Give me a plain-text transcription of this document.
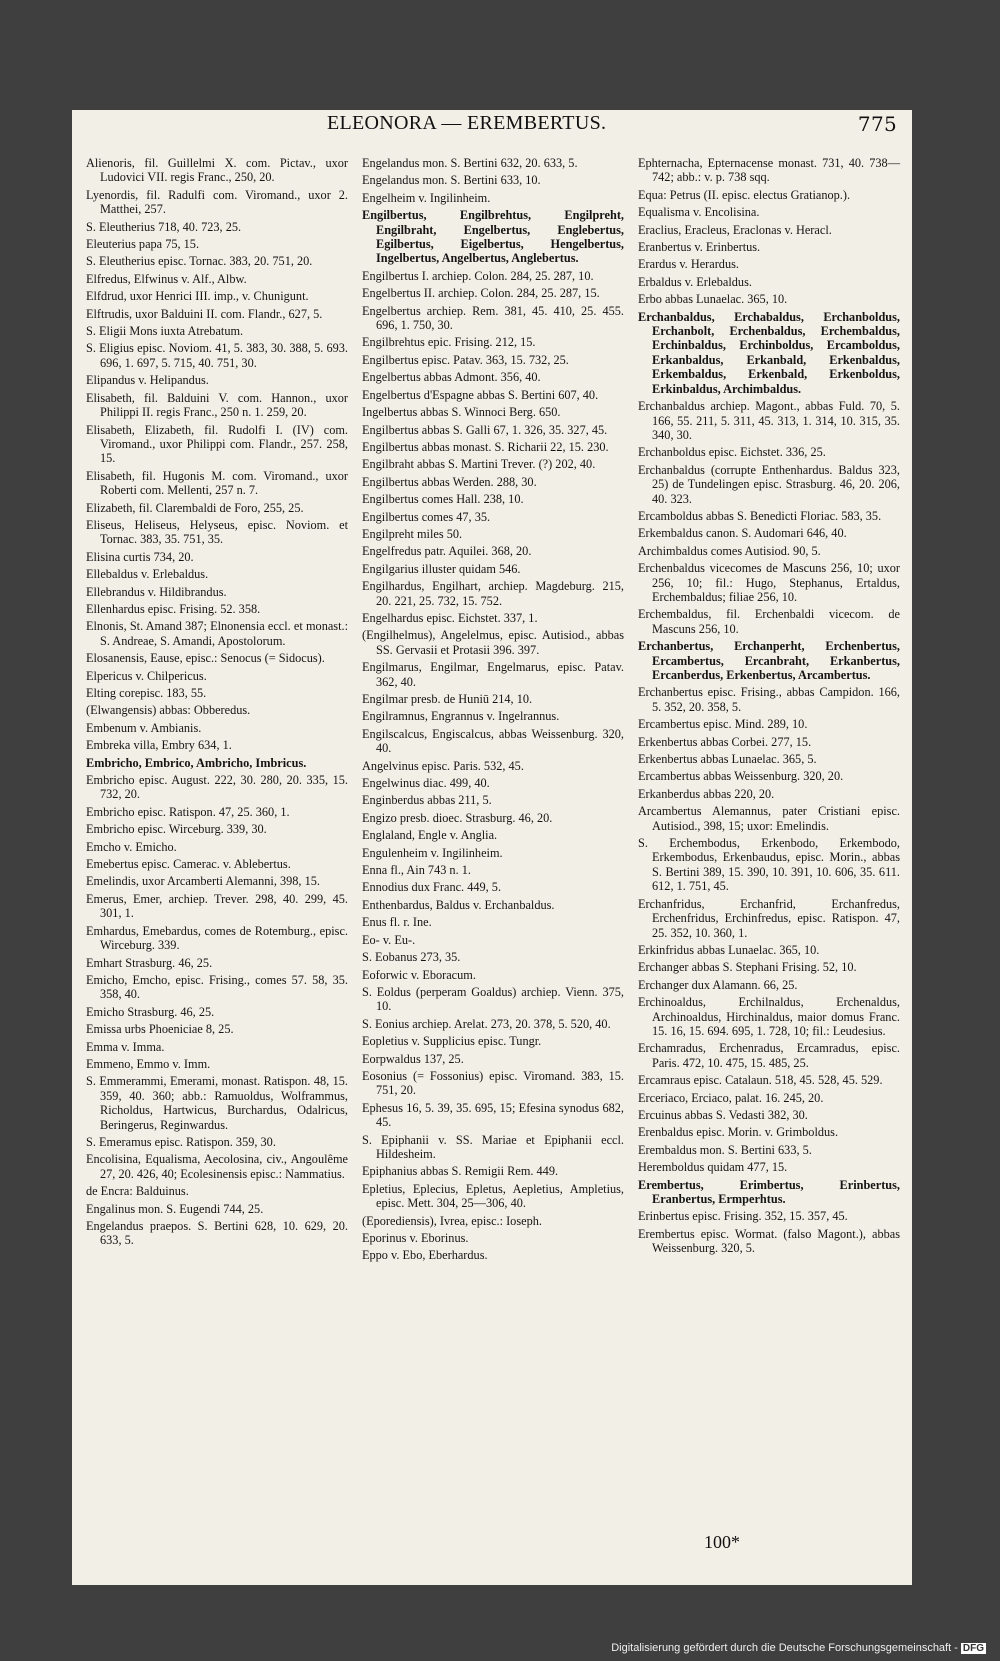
ELEONORA — EREMBERTUS.	775
Alienoris, fil. Guillelmi X. com. Pictav., uxor Ludovici VII. regis Franc., 250, 20.
Lyenordis, fil. Radulfi com. Viromand., uxor 2. Matthei, 257.
S. Eleutherius 718, 40. 723, 25.
Eleuterius papa 75, 15.
S. Eleutherius episc. Tornac. 383, 20. 751, 20.
Elfredus, Elfwinus v. Alf., Albw.
Elfdrud, uxor Henrici III. imp., v. Chunigunt.
Elftrudis, uxor Balduini II. com. Flandr., 627, 5.
S. Eligii Mons iuxta Atrebatum.
S. Eligius episc. Noviom. 41, 5. 383, 30. 388, 5. 693. 696, 1. 697, 5. 715, 40. 751, 30.
Elipandus v. Helipandus.
Elisabeth, fil. Balduini V. com. Hannon., uxor Philippi II. regis Franc., 250 n. 1. 259, 20.
Elisabeth, Elizabeth, fil. Rudolfi I. (IV) com. Viromand., uxor Philippi com. Flandr., 257. 258, 15.
Elisabeth, fil. Hugonis M. com. Viromand., uxor Roberti com. Mellenti, 257 n. 7.
Elizabeth, fil. Clarembaldi de Foro, 255, 25.
Eliseus, Heliseus, Helyseus, episc. Noviom. et Tornac. 383, 35. 751, 35.
Elisina curtis 734, 20.
Ellebaldus v. Erlebaldus.
Ellebrandus v. Hildibrandus.
Ellenhardus episc. Frising. 52. 358.
Elnonis, St. Amand 387; Elnonensia eccl. et monast.: S. Andreae, S. Amandi, Apostolorum.
Elosanensis, Eause, episc.: Senocus (= Sidocus).
Elpericus v. Chilpericus.
Elting corepisc. 183, 55.
(Elwangensis) abbas: Obberedus.
Embenum v. Ambianis.
Embreka villa, Embry 634, 1.
Embricho, Embrico, Ambricho, Imbricus.
Embricho episc. August. 222, 30. 280, 20. 335, 15. 732, 20.
Embricho episc. Ratispon. 47, 25. 360, 1.
Embricho episc. Wirceburg. 339, 30.
Emcho v. Emicho.
Emebertus episc. Camerac. v. Ablebertus.
Emelindis, uxor Arcamberti Alemanni, 398, 15.
Emerus, Emer, archiep. Trever. 298, 40. 299, 45. 301, 1.
Emhardus, Emebardus, comes de Rotemburg., episc. Wirceburg. 339.
Emhart Strasburg. 46, 25.
Emicho, Emcho, episc. Frising., comes 57. 58, 35. 358, 40.
Emicho Strasburg. 46, 25.
Emissa urbs Phoeniciae 8, 25.
Emma v. Imma.
Emmeno, Emmo v. Imm.
S. Emmerammi, Emerami, monast. Ratispon. 48, 15. 359, 40. 360; abb.: Ramuoldus, Wolframmus, Richoldus, Hartwicus, Burchardus, Odalricus, Beringerus, Reginwardus.
S. Emeramus episc. Ratispon. 359, 30.
Encolisina, Equalisma, Aecolosina, civ., Angoulême 27, 20. 426, 40; Ecolesinensis episc.: Nammatius.
de Encra: Balduinus.
Engalinus mon. S. Eugendi 744, 25.
Engelandus praepos. S. Bertini 628, 10. 629, 20. 633, 5.
Engelandus mon. S. Bertini 632, 20. 633, 5.
Engelandus mon. S. Bertini 633, 10.
Engelheim v. Ingilinheim.
Engilbertus, Engilbrehtus, Engilpreht, Engilbraht, Engelbertus, Englebertus, Egilbertus, Eigelbertus, Hengelbertus, Ingelbertus, Angelbertus, Anglebertus.
Engilbertus I. archiep. Colon. 284, 25. 287, 10.
Engelbertus II. archiep. Colon. 284, 25. 287, 15.
Engelbertus archiep. Rem. 381, 45. 410, 25. 455. 696, 1. 750, 30.
Engilbrehtus epic. Frising. 212, 15.
Engilbertus episc. Patav. 363, 15. 732, 25.
Engelbertus abbas Admont. 356, 40.
Engelbertus d'Espagne abbas S. Bertini 607, 40.
Ingelbertus abbas S. Winnoci Berg. 650.
Engilbertus abbas S. Galli 67, 1. 326, 35. 327, 45.
Engilbertus abbas monast. S. Richarii 22, 15. 230.
Engilbraht abbas S. Martini Trever. (?) 202, 40.
Engilbertus abbas Werden. 288, 30.
Engilbertus comes Hall. 238, 10.
Engilbertus comes 47, 35.
Engilpreht miles 50.
Engelfredus patr. Aquilei. 368, 20.
Engilgarius illuster quidam 546.
Engilhardus, Engilhart, archiep. Magdeburg. 215, 20. 221, 25. 732, 15. 752.
Engelhardus episc. Eichstet. 337, 1.
(Engilhelmus), Angelelmus, episc. Autisiod., abbas SS. Gervasii et Protasii 396. 397.
Engilmarus, Engilmar, Engelmarus, episc. Patav. 362, 40.
Engilmar presb. de Huniū 214, 10.
Engilramnus, Engrannus v. Ingelrannus.
Engilscalcus, Engiscalcus, abbas Weissenburg. 320, 40.
Angelvinus episc. Paris. 532, 45.
Engelwinus diac. 499, 40.
Enginberdus abbas 211, 5.
Engizo presb. dioec. Strasburg. 46, 20.
Englaland, Engle v. Anglia.
Engulenheim v. Ingilinheim.
Enna fl., Ain 743 n. 1.
Ennodius dux Franc. 449, 5.
Enthenbardus, Baldus v. Erchanbaldus.
Enus fl. r. Ine.
Eo- v. Eu-.
S. Eobanus 273, 35.
Eoforwic v. Eboracum.
S. Eoldus (perperam Goaldus) archiep. Vienn. 375, 10.
S. Eonius archiep. Arelat. 273, 20. 378, 5. 520, 40.
Eopletius v. Supplicius episc. Tungr.
Eorpwaldus 137, 25.
Eosonius (= Fossonius) episc. Viromand. 383, 15. 751, 20.
Ephesus 16, 5. 39, 35. 695, 15; Efesina synodus 682, 45.
S. Epiphanii v. SS. Mariae et Epiphanii eccl. Hildesheim.
Epiphanius abbas S. Remigii Rem. 449.
Epletius, Eplecius, Epletus, Aepletius, Ampletius, episc. Mett. 304, 25—306, 40.
(Eporediensis), Ivrea, episc.: Ioseph.
Eporinus v. Eborinus.
Eppo v. Ebo, Eberhardus.
Ephternacha, Epternacense monast. 731, 40. 738—742; abb.: v. p. 738 sqq.
Equa: Petrus (II. episc. electus Gratianop.).
Equalisma v. Encolisina.
Eraclius, Eracleus, Eraclonas v. Heracl.
Eranbertus v. Erinbertus.
Erardus v. Herardus.
Erbaldus v. Erlebaldus.
Erbo abbas Lunaelac. 365, 10.
Erchanbaldus, Erchabaldus, Erchanboldus, Erchanbolt, Erchenbaldus, Erchembaldus, Erchinbaldus, Erchinboldus, Ercamboldus, Erkanbaldus, Erkanbald, Erkenbaldus, Erkembaldus, Erkenbald, Erkenboldus, Erkinbaldus, Archimbaldus.
Erchanbaldus archiep. Magont., abbas Fuld. 70, 5. 166, 55. 211, 5. 311, 45. 313, 1. 314, 10. 315, 35. 340, 30.
Erchanboldus episc. Eichstet. 336, 25.
Erchanbaldus (corrupte Enthenhardus. Baldus 323, 25) de Tundelingen episc. Strasburg. 46, 20. 206, 40. 323.
Ercamboldus abbas S. Benedicti Floriac. 583, 35.
Erkembaldus canon. S. Audomari 646, 40.
Archimbaldus comes Autisiod. 90, 5.
Erchenbaldus vicecomes de Mascuns 256, 10; uxor 256, 10; fil.: Hugo, Stephanus, Ertaldus, Erchembaldus; filiae 256, 10.
Erchembaldus, fil. Erchenbaldi vicecom. de Mascuns 256, 10.
Erchanbertus, Erchanperht, Erchenbertus, Ercambertus, Ercanbraht, Erkanbertus, Ercanberdus, Erkenbertus, Arcambertus.
Erchanbertus episc. Frising., abbas Campidon. 166, 5. 352, 20. 358, 5.
Ercambertus episc. Mind. 289, 10.
Erkenbertus abbas Corbei. 277, 15.
Erkenbertus abbas Lunaelac. 365, 5.
Ercambertus abbas Weissenburg. 320, 20.
Erkanberdus abbas 220, 20.
Arcambertus Alemannus, pater Cristiani episc. Autisiod., 398, 15; uxor: Emelindis.
S. Erchembodus, Erkenbodo, Erkembodo, Erkembodus, Erkenbaudus, episc. Morin., abbas S. Bertini 389, 15. 390, 10. 391, 10. 606, 35. 611. 612, 1. 751, 45.
Erchanfridus, Erchanfrid, Erchanfredus, Erchenfridus, Erchinfredus, episc. Ratispon. 47, 25. 352, 10. 360, 1.
Erkinfridus abbas Lunaelac. 365, 10.
Erchanger abbas S. Stephani Frising. 52, 10.
Erchanger dux Alamann. 66, 25.
Erchinoaldus, Erchilnaldus, Erchenaldus, Archinoaldus, Hirchinaldus, maior domus Franc. 15. 16, 15. 694. 695, 1. 728, 10; fil.: Leudesius.
Erchamradus, Erchenradus, Ercamradus, episc. Paris. 472, 10. 475, 15. 485, 25.
Ercamraus episc. Catalaun. 518, 45. 528, 45. 529.
Erceriaco, Erciaco, palat. 16. 245, 20.
Ercuinus abbas S. Vedasti 382, 30.
Erenbaldus episc. Morin. v. Grimboldus.
Erembaldus mon. S. Bertini 633, 5.
Heremboldus quidam 477, 15.
Erembertus, Erimbertus, Erinbertus, Eranbertus, Ermperhtus.
Erinbertus episc. Frising. 352, 15. 357, 45.
Erembertus episc. Wormat. (falso Magont.), abbas Weissenburg. 320, 5.
100*
Digitalisierung gefördert durch die Deutsche Forschungsgemeinschaft - DFG
